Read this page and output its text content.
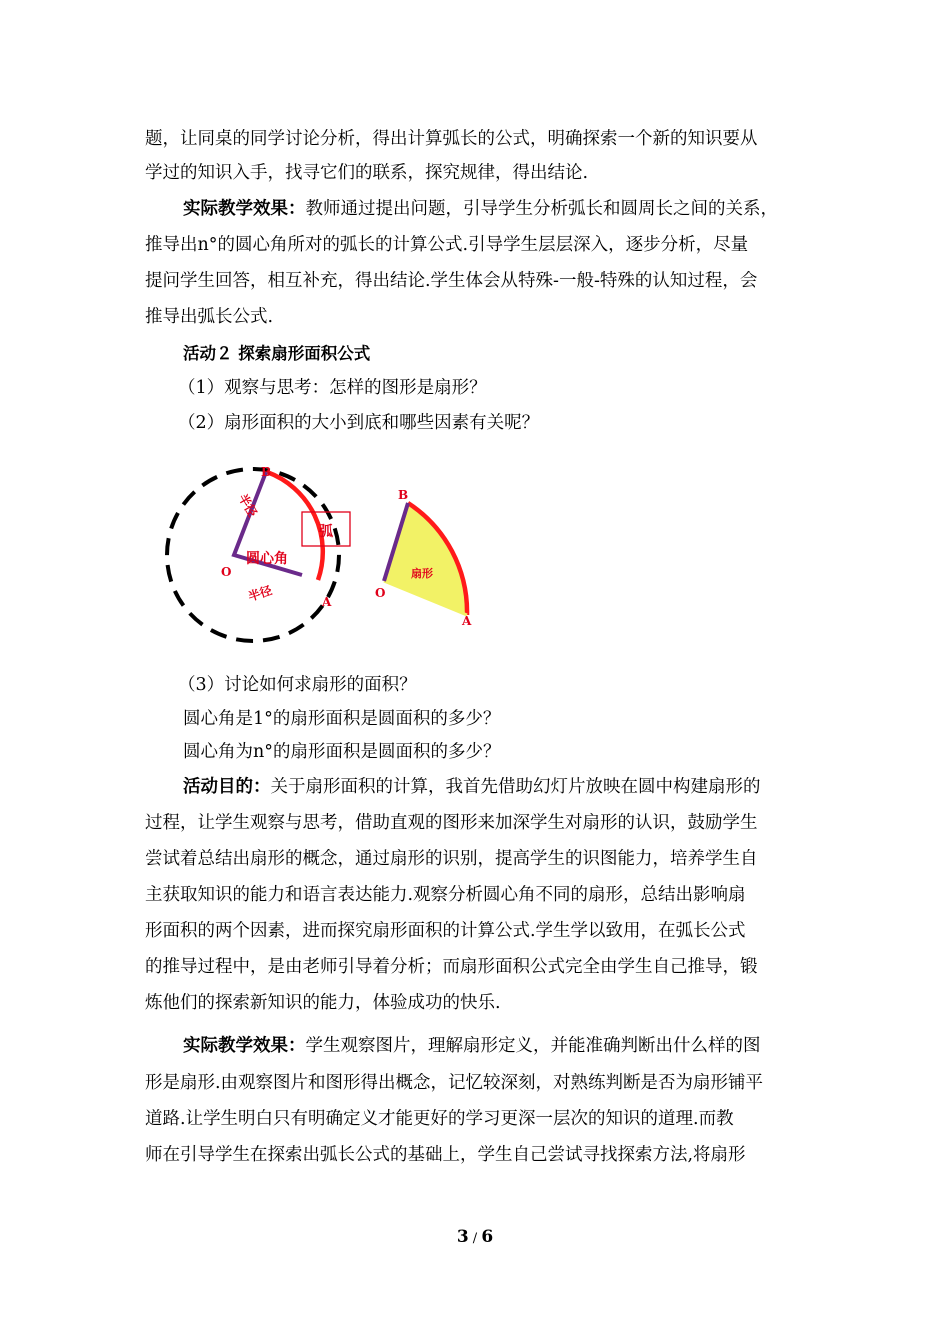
题，让同桌的同学讨论分析，得出计算弧长的公式，明确探索一个新的知识要从
学过的知识入手，找寻它们的联系，探究规律，得出结论.
实际教学效果：教师通过提出问题，引导学生分析弧长和圆周长之间的关系，
推导出n°的圆心角所对的弧长的计算公式.引导学生层层深入，逐步分析，尽量
提问学生回答，相互补充，得出结论.学生体会从特殊-一般-特殊的认知过程，会
推导出弧长公式.
活动２ 探索扇形面积公式
（1）观察与思考：怎样的图形是扇形？
（2）扇形面积的大小到底和哪些因素有关呢？
弧
B
O
A
半径
圆心角
半径
B
O
A
扇形
（3）讨论如何求扇形的面积？
圆心角是1°的扇形面积是圆面积的多少？
圆心角为n°的扇形面积是圆面积的多少？
活动目的：关于扇形面积的计算，我首先借助幻灯片放映在圆中构建扇形的
过程，让学生观察与思考，借助直观的图形来加深学生对扇形的认识，鼓励学生
尝试着总结出扇形的概念，通过扇形的识别，提高学生的识图能力，培养学生自
主获取知识的能力和语言表达能力.观察分析圆心角不同的扇形，总结出影响扇
形面积的两个因素，进而探究扇形面积的计算公式.学生学以致用，在弧长公式
的推导过程中，是由老师引导着分析；而扇形面积公式完全由学生自己推导，锻
炼他们的探索新知识的能力，体验成功的快乐.
实际教学效果：学生观察图片，理解扇形定义，并能准确判断出什么样的图
形是扇形.由观察图片和图形得出概念，记忆较深刻，对熟练判断是否为扇形铺平
道路.让学生明白只有明确定义才能更好的学习更深一层次的知识的道理.而教
师在引导学生在探索出弧长公式的基础上，学生自己尝试寻找探索方法,将扇形
3 / 6
